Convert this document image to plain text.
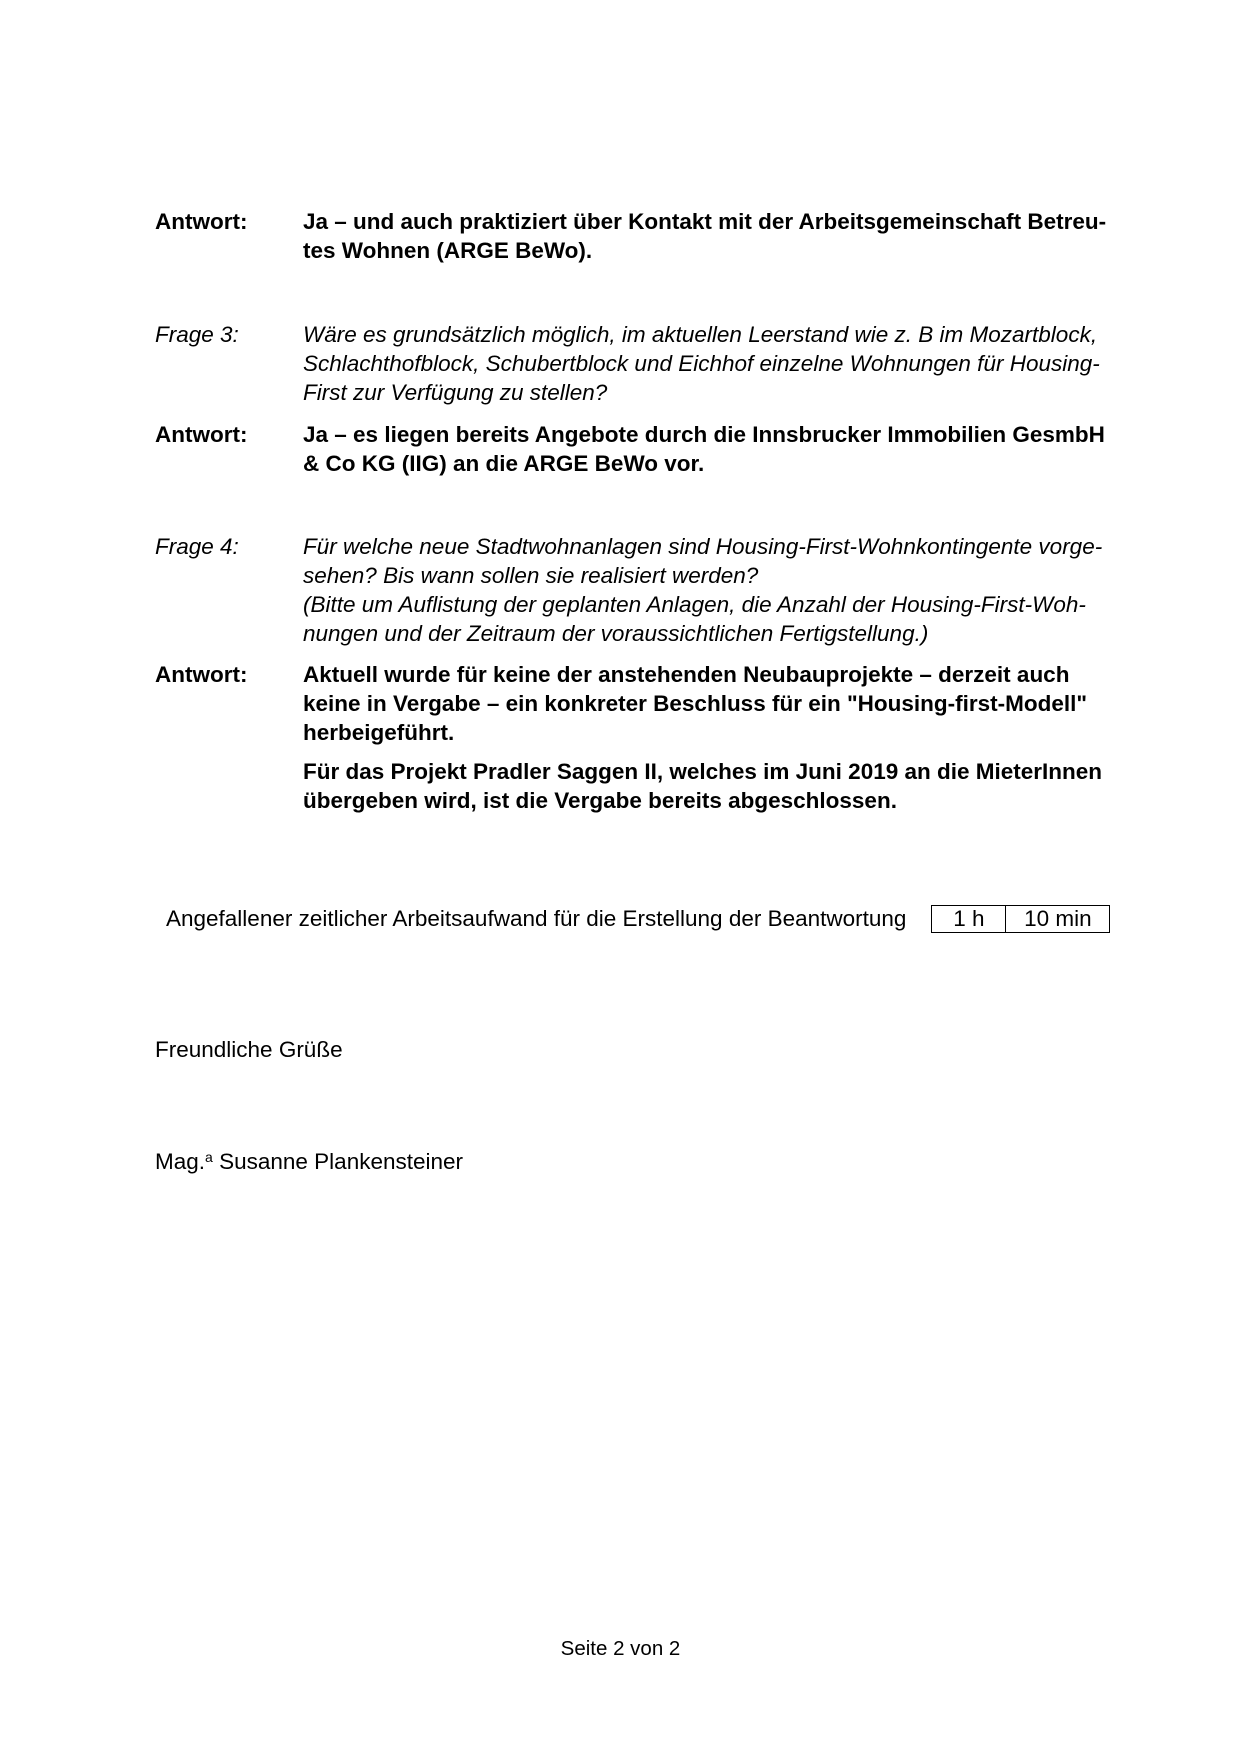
Antwort:	Ja – und auch praktiziert über Kontakt mit der Arbeitsgemeinschaft Betreu-
tes Wohnen (ARGE BeWo).
Frage 3:	Wäre es grundsätzlich möglich, im aktuellen Leerstand wie z. B im Mozartblock,
Schlachthofblock, Schubertblock und Eichhof einzelne Wohnungen für Housing-
First zur Verfügung zu stellen?
Antwort:	Ja – es liegen bereits Angebote durch die Innsbrucker Immobilien GesmbH
& Co KG (IIG) an die ARGE BeWo vor.
Frage 4:	Für welche neue Stadtwohnanlagen sind Housing-First-Wohnkontingente vorge-
sehen? Bis wann sollen sie realisiert werden?
(Bitte um Auflistung der geplanten Anlagen, die Anzahl der Housing-First-Woh-
nungen und der Zeitraum der voraussichtlichen Fertigstellung.)
Antwort:	Aktuell wurde für keine der anstehenden Neubauprojekte – derzeit auch
keine in Vergabe – ein konkreter Beschluss für ein "Housing-first-Modell"
herbeigeführt.
Für das Projekt Pradler Saggen II, welches im Juni 2019 an die MieterInnen
übergeben wird, ist die Vergabe bereits abgeschlossen.
Angefallener zeitlicher Arbeitsaufwand für die Erstellung der Beantwortung	1 h	10 min
Freundliche Grüße
Mag.$^a$ Susanne Plankensteiner
Seite 2 von 2
